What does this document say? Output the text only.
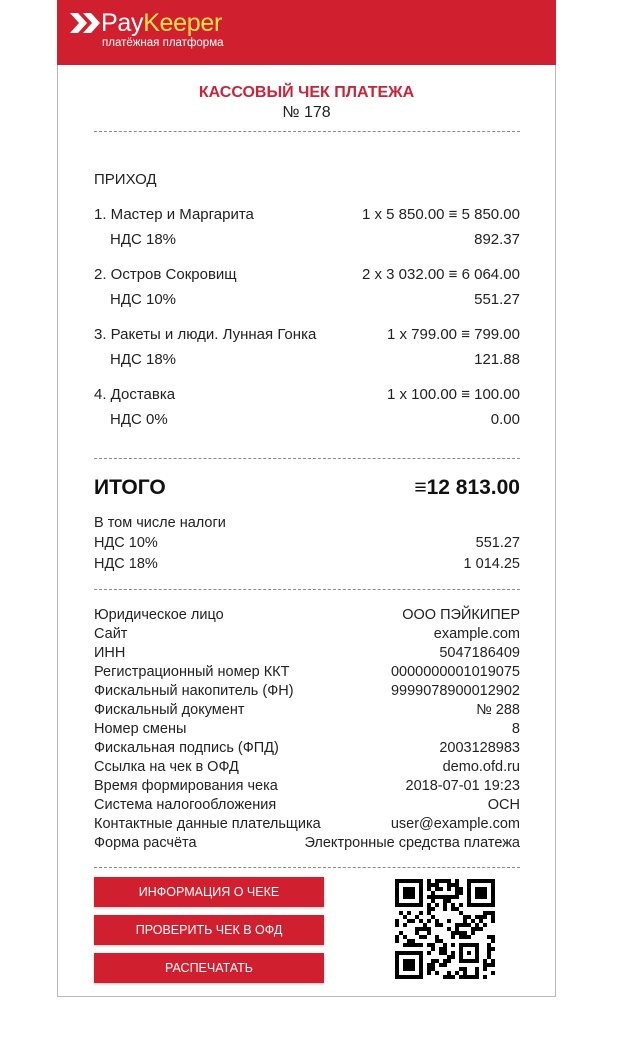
PayKeeper
платёжная платформа
КАССОВЫЙ ЧЕК ПЛАТЕЖА
№ 178
ПРИХОД
1. Мастер и Маргарита	1 x 5 850.00 ≡ 5 850.00
НДС 18%	892.37
2. Остров Сокровищ	2 x 3 032.00 ≡ 6 064.00
НДС 10%	551.27
3. Ракеты и люди. Лунная Гонка	1 x 799.00 ≡ 799.00
НДС 18%	121.88
4. Доставка	1 x 100.00 ≡ 100.00
НДС 0%	0.00
ИТОГО	≡12 813.00
В том числе налоги
НДС 10%	551.27
НДС 18%	1 014.25
Юридическое лицо	ООО ПЭЙКИПЕР
Сайт	example.com
ИНН	5047186409
Регистрационный номер ККТ	0000000001019075
Фискальный накопитель (ФН)	9999078900012902
Фискальный документ	№ 288
Номер смены	8
Фискальная подпись (ФПД)	2003128983
Ссылка на чек в ОФД	demo.ofd.ru
Время формирования чека	2018-07-01 19:23
Система налогообложения	ОСН
Контактные данные плательщика	user@example.com
Форма расчёта	Электронные средства платежа
ИНФОРМАЦИЯ О ЧЕКЕ
ПРОВЕРИТЬ ЧЕК В ОФД
РАСПЕЧАТАТЬ
